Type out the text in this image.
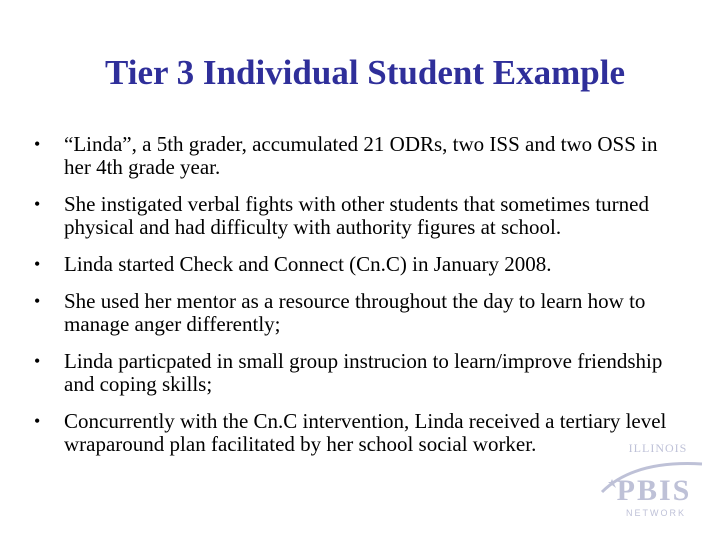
Tier 3 Individual Student Example
•	“Linda”, a 5th grader, accumulated 21 ODRs, two ISS and two OSS in her 4th grade year.
•	She instigated verbal fights with other students that sometimes turned physical and had difficulty with authority figures at school.
•	Linda started Check and Connect (Cn.C) in January 2008.
•	She used her mentor as a resource throughout the day to learn how to manage anger differently;
•	Linda particpated in small group instrucion to learn/improve friendship and coping skills;
•	Concurrently with the Cn.C intervention, Linda received a tertiary level wraparound plan facilitated by her school social worker.	ILLINOIS
PBIS
NETWORK
